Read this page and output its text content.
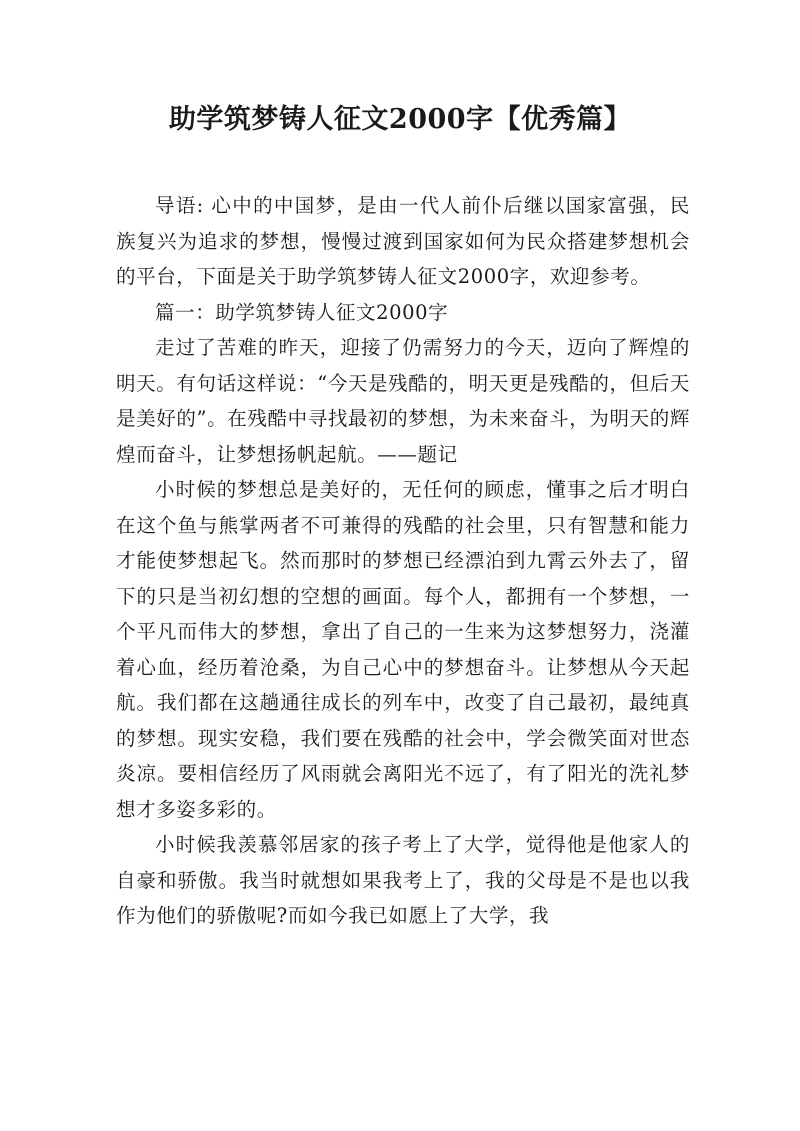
助学筑梦铸人征文2000字【优秀篇】

导语: 心中的中国梦，是由一代人前仆后继以国家富强，民族复兴为追求的梦想，慢慢过渡到国家如何为民众搭建梦想机会的平台，下面是关于助学筑梦铸人征文2000字，欢迎参考。

篇一：助学筑梦铸人征文2000字

走过了苦难的昨天，迎接了仍需努力的今天，迈向了辉煌的明天。有句话这样说：“今天是残酷的，明天更是残酷的，但后天是美好的”。在残酷中寻找最初的梦想，为未来奋斗，为明天的辉煌而奋斗，让梦想扬帆起航。——题记

小时候的梦想总是美好的，无任何的顾虑，懂事之后才明白在这个鱼与熊掌两者不可兼得的残酷的社会里，只有智慧和能力才能使梦想起飞。然而那时的梦想已经漂泊到九霄云外去了，留下的只是当初幻想的空想的画面。每个人，都拥有一个梦想，一个平凡而伟大的梦想，拿出了自己的一生来为这梦想努力，浇灌着心血，经历着沧桑，为自己心中的梦想奋斗。让梦想从今天起航。我们都在这趟通往成长的列车中，改变了自己最初，最纯真的梦想。现实安稳，我们要在残酷的社会中，学会微笑面对世态炎凉。要相信经历了风雨就会离阳光不远了，有了阳光的洗礼梦想才多姿多彩的。

小时候我羡慕邻居家的孩子考上了大学，觉得他是他家人的自豪和骄傲。我当时就想如果我考上了，我的父母是不是也以我作为他们的骄傲呢?而如今我已如愿上了大学，我
